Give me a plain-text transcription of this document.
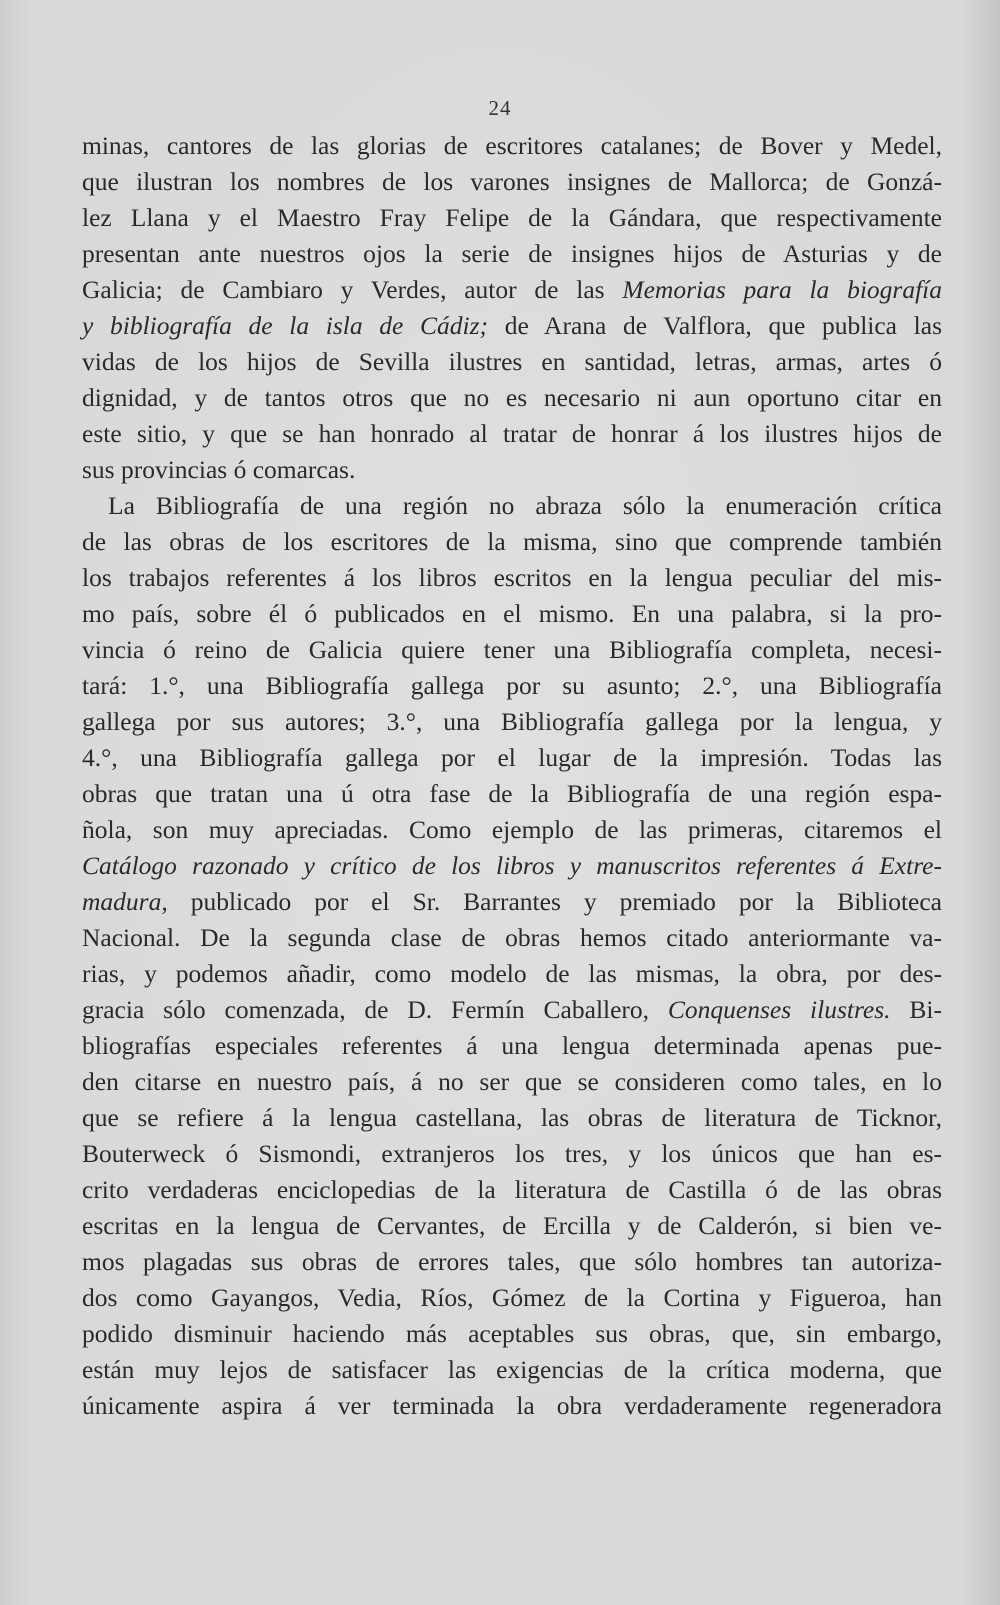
24
minas, cantores de las glorias de escritores catalanes; de Bover y Medel,
que ilustran los nombres de los varones insignes de Mallorca; de Gonzá-
lez Llana y el Maestro Fray Felipe de la Gándara, que respectivamente
presentan ante nuestros ojos la serie de insignes hijos de Asturias y de
Galicia; de Cambiaro y Verdes, autor de las Memorias para la biografía
y bibliografía de la isla de Cádiz; de Arana de Valflora, que publica las
vidas de los hijos de Sevilla ilustres en santidad, letras, armas, artes ó
dignidad, y de tantos otros que no es necesario ni aun oportuno citar en
este sitio, y que se han honrado al tratar de honrar á los ilustres hijos de
sus provincias ó comarcas.
La Bibliografía de una región no abraza sólo la enumeración crítica
de las obras de los escritores de la misma, sino que comprende también
los trabajos referentes á los libros escritos en la lengua peculiar del mis-
mo país, sobre él ó publicados en el mismo. En una palabra, si la pro-
vincia ó reino de Galicia quiere tener una Bibliografía completa, necesi-
tará: 1.°, una Bibliografía gallega por su asunto; 2.°, una Bibliografía
gallega por sus autores; 3.°, una Bibliografía gallega por la lengua, y
4.°, una Bibliografía gallega por el lugar de la impresión. Todas las
obras que tratan una ú otra fase de la Bibliografía de una región espa-
ñola, son muy apreciadas. Como ejemplo de las primeras, citaremos el
Catálogo razonado y crítico de los libros y manuscritos referentes á Extre-
madura, publicado por el Sr. Barrantes y premiado por la Biblioteca
Nacional. De la segunda clase de obras hemos citado anteriormante va-
rias, y podemos añadir, como modelo de las mismas, la obra, por des-
gracia sólo comenzada, de D. Fermín Caballero, Conquenses ilustres. Bi-
bliografías especiales referentes á una lengua determinada apenas pue-
den citarse en nuestro país, á no ser que se consideren como tales, en lo
que se refiere á la lengua castellana, las obras de literatura de Ticknor,
Bouterweck ó Sismondi, extranjeros los tres, y los únicos que han es-
crito verdaderas enciclopedias de la literatura de Castilla ó de las obras
escritas en la lengua de Cervantes, de Ercilla y de Calderón, si bien ve-
mos plagadas sus obras de errores tales, que sólo hombres tan autoriza-
dos como Gayangos, Vedia, Ríos, Gómez de la Cortina y Figueroa, han
podido disminuir haciendo más aceptables sus obras, que, sin embargo,
están muy lejos de satisfacer las exigencias de la crítica moderna, que
únicamente aspira á ver terminada la obra verdaderamente regeneradora
